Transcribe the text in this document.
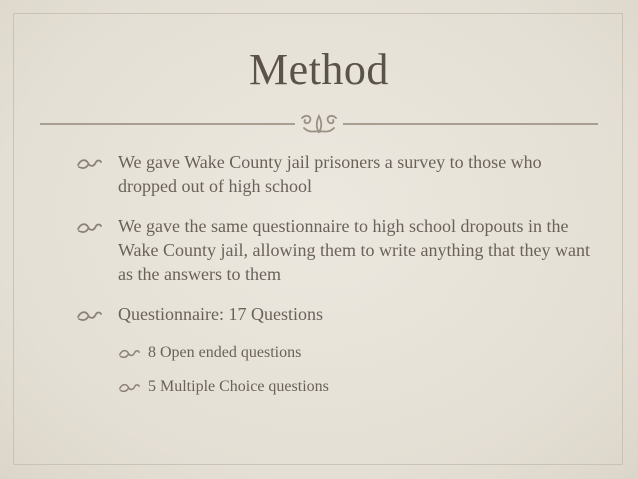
Method
We gave Wake County jail prisoners a survey to those who dropped out of high school
We gave the same questionnaire to high school dropouts in the Wake County jail, allowing them to write anything that they want as the answers to them
Questionnaire: 17 Questions
8 Open ended questions
5 Multiple Choice questions
